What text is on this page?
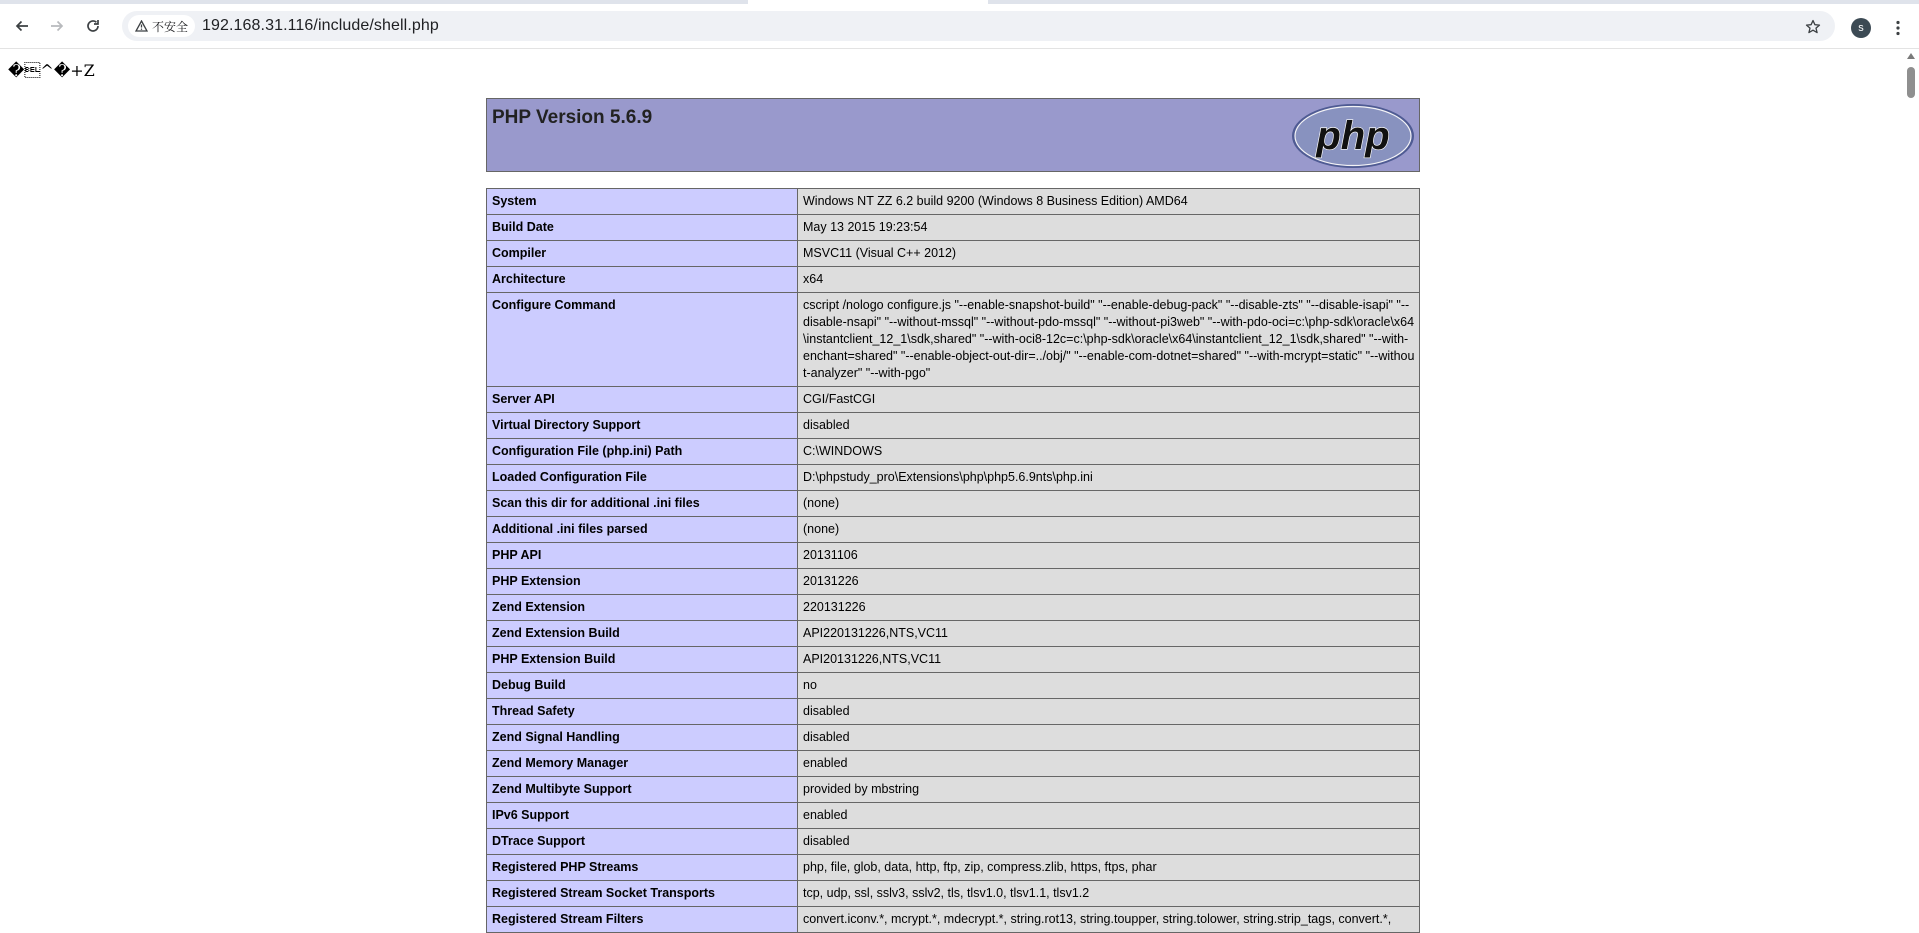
不安全 192.168.31.116/include/shell.php	s
�^�+Z
PHP Version 5.6.9	php
System	Windows NT ZZ 6.2 build 9200 (Windows 8 Business Edition) AMD64
Build Date	May 13 2015 19:23:54
Compiler	MSVC11 (Visual C++ 2012)
Architecture	x64
Configure Command	cscript /nologo configure.js "--enable-snapshot-build" "--enable-debug-pack" "--disable-zts" "--disable-isapi" "--disable-nsapi" "--without-mssql" "--without-pdo-mssql" "--without-pi3web" "--with-pdo-oci=c:\php-sdk\oracle\x64\instantclient_12_1\sdk,shared" "--with-oci8-12c=c:\php-sdk\oracle\x64\instantclient_12_1\sdk,shared" "--with-enchant=shared" "--enable-object-out-dir=../obj/" "--enable-com-dotnet=shared" "--with-mcrypt=static" "--without-analyzer" "--with-pgo"
Server API	CGI/FastCGI
Virtual Directory Support	disabled
Configuration File (php.ini) Path	C:\WINDOWS
Loaded Configuration File	D:\phpstudy_pro\Extensions\php\php5.6.9nts\php.ini
Scan this dir for additional .ini files	(none)
Additional .ini files parsed	(none)
PHP API	20131106
PHP Extension	20131226
Zend Extension	220131226
Zend Extension Build	API220131226,NTS,VC11
PHP Extension Build	API20131226,NTS,VC11
Debug Build	no
Thread Safety	disabled
Zend Signal Handling	disabled
Zend Memory Manager	enabled
Zend Multibyte Support	provided by mbstring
IPv6 Support	enabled
DTrace Support	disabled
Registered PHP Streams	php, file, glob, data, http, ftp, zip, compress.zlib, https, ftps, phar
Registered Stream Socket Transports	tcp, udp, ssl, sslv3, sslv2, tls, tlsv1.0, tlsv1.1, tlsv1.2
Registered Stream Filters	convert.iconv.*, mcrypt.*, mdecrypt.*, string.rot13, string.toupper, string.tolower, string.strip_tags, convert.*,
